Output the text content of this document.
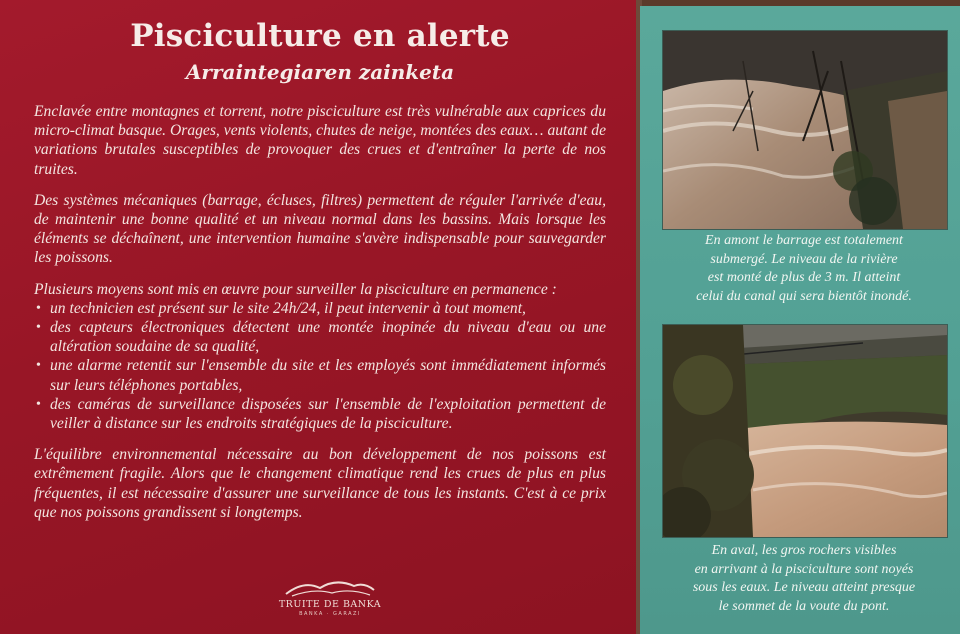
Pisciculture en alerte
Arraintegiaren zainketa

Enclavée entre montagnes et torrent, notre pisciculture est très vulnérable aux caprices du micro-climat basque. Orages, vents violents, chutes de neige, montées des eaux… autant de variations brutales susceptibles de provoquer des crues et d'entraîner la perte de nos truites.

Des systèmes mécaniques (barrage, écluses, filtres) permettent de réguler l'arrivée d'eau, de maintenir une bonne qualité et un niveau normal dans les bassins. Mais lorsque les éléments se déchaînent, une intervention humaine s'avère indispensable pour sauvegarder les poissons.

Plusieurs moyens sont mis en œuvre pour surveiller la pisciculture en permanence :

• un technicien est présent sur le site 24h/24, il peut intervenir à tout moment,
• des capteurs électroniques détectent une montée inopinée du niveau d'eau ou une altération soudaine de sa qualité,
• une alarme retentit sur l'ensemble du site et les employés sont immédiatement informés sur leurs téléphones portables,
• des caméras de surveillance disposées sur l'ensemble de l'exploitation permettent de veiller à distance sur les endroits stratégiques de la pisciculture.

L'équilibre environnemental nécessaire au bon développement de nos poissons est extrêmement fragile. Alors que le changement climatique rend les crues de plus en plus fréquentes, il est nécessaire d'assurer une surveillance de tous les instants. C'est à ce prix que nos poissons grandissent si longtemps.

TRUITE DE BANKA
BANKA · GARAZI
En amont le barrage est totalement
submergé. Le niveau de la rivière
est monté de plus de 3 m. Il atteint
celui du canal qui sera bientôt inondé.
En aval, les gros rochers visibles
en arrivant à la pisciculture sont noyés
sous les eaux. Le niveau atteint presque
le sommet de la voute du pont.
